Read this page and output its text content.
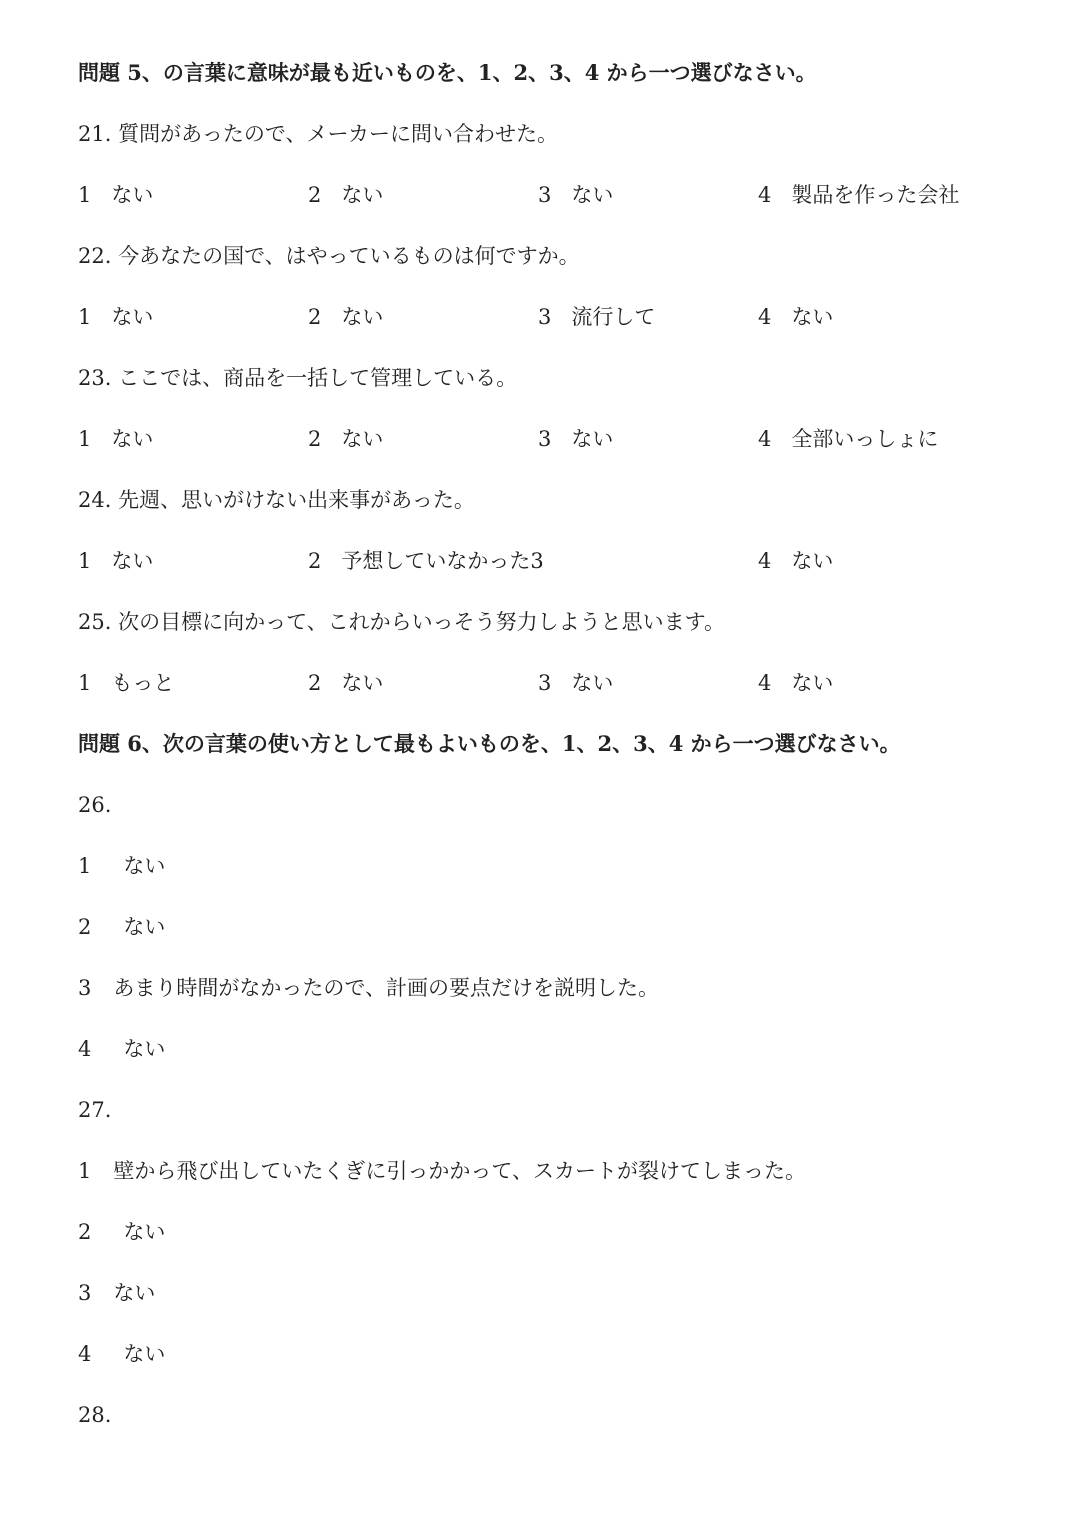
問題 5、の言葉に意味が最も近いものを、1、2、3、4 から一つ選びなさい。
21. 質問があったので、メーカーに問い合わせた。
1 ない	2 ない	3 ない	4 製品を作った会社
22. 今あなたの国で、はやっているものは何ですか。
1 ない	2 ない	3 流行して	4 ない
23. ここでは、商品を一括して管理している。
1 ない	2 ない	3 ない	4 全部いっしょに
24. 先週、思いがけない出来事があった。
1 ない	2 予想していなかった3	4 ない
25. 次の目標に向かって、これからいっそう努力しようと思います。
1 もっと	2 ない	3 ない	4 ない
問題 6、次の言葉の使い方として最もよいものを、1、2、3、4 から一つ選びなさい。
26.
1 ない
2 ない
3 あまり時間がなかったので、計画の要点だけを説明した。
4 ない
27.
1 壁から飛び出していたくぎに引っかかって、スカートが裂けてしまった。
2 ない
3 ない
4 ない
28.
